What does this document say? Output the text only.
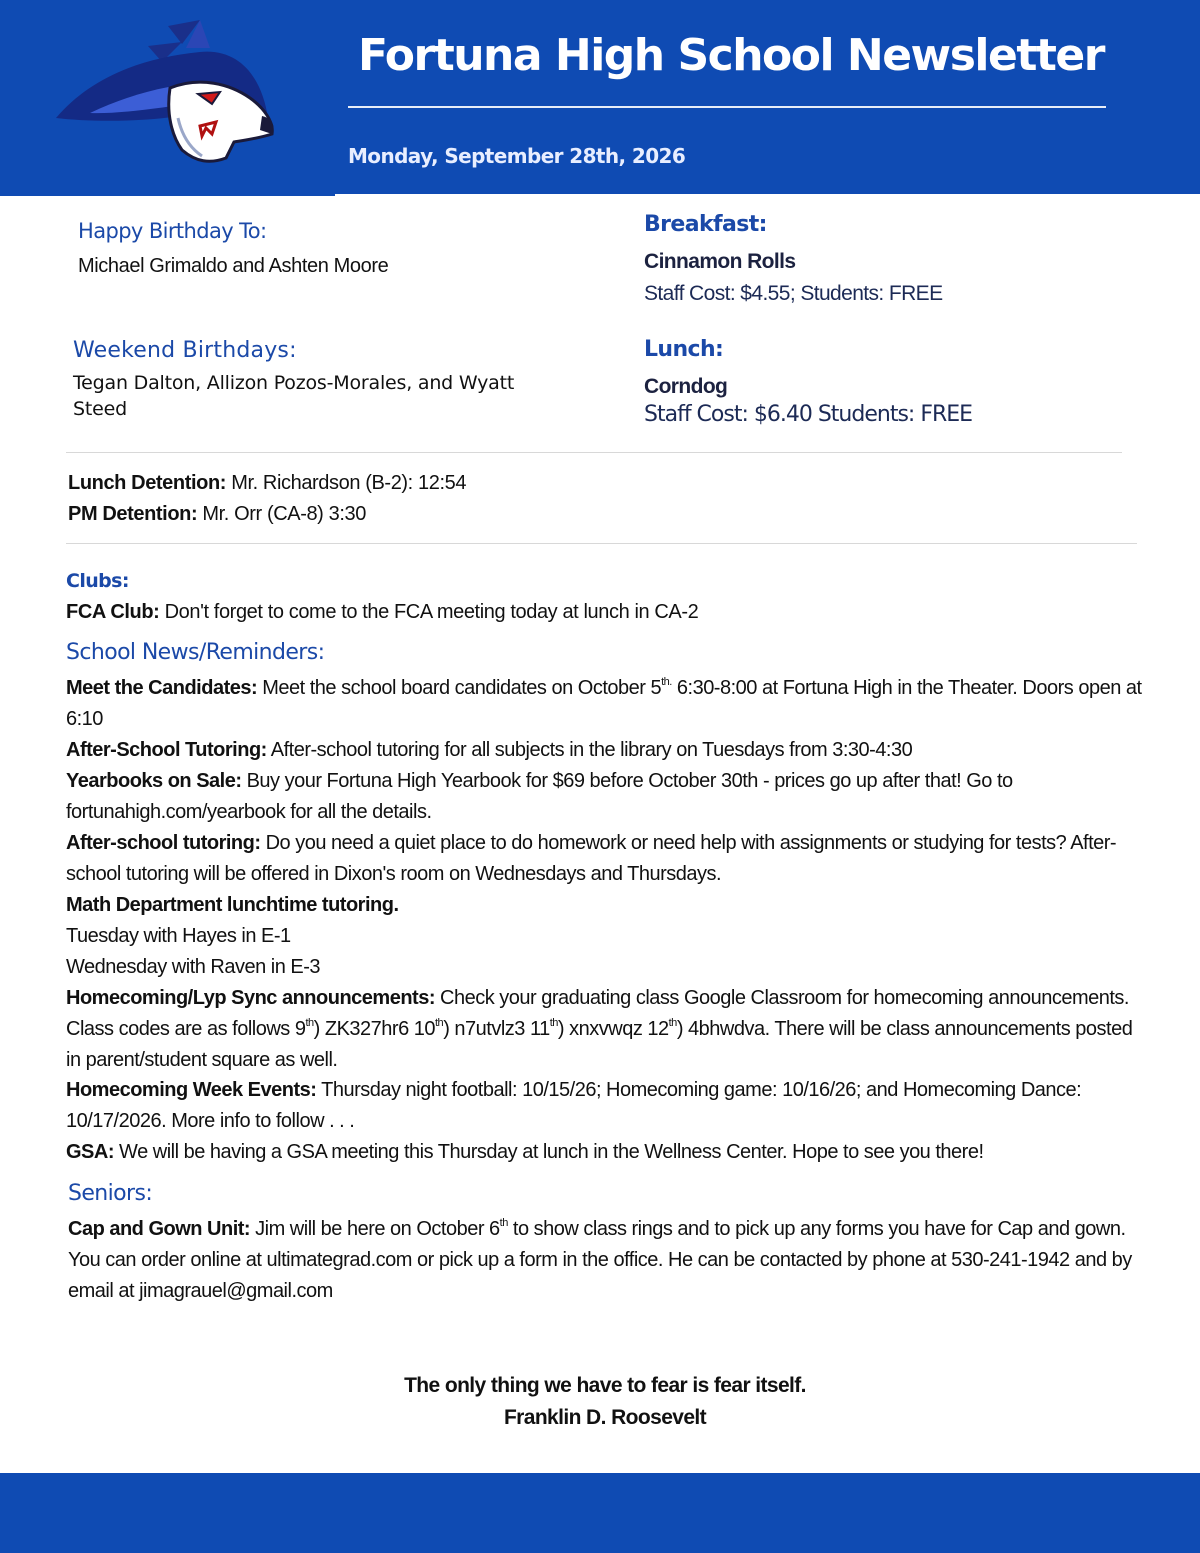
Fortuna High School Newsletter
Monday, September 28th, 2026
Happy Birthday To:
Michael Grimaldo and Ashten Moore
Weekend Birthdays:
Tegan Dalton, Allizon Pozos-Morales, and Wyatt
Steed
Breakfast:
Cinnamon Rolls
Staff Cost: $4.55; Students: FREE
Lunch:
Corndog
Staff Cost: $6.40 Students: FREE
Lunch Detention: Mr. Richardson (B-2): 12:54
PM Detention: Mr. Orr (CA-8) 3:30
Clubs:
FCA Club: Don't forget to come to the FCA meeting today at lunch in CA-2
School News/Reminders:
Meet the Candidates: Meet the school board candidates on October $5^{th.}$ 6:30-8:00 at Fortuna High in the Theater. Doors open at 6:10
After-School Tutoring: After-school tutoring for all subjects in the library on Tuesdays from 3:30-4:30
Yearbooks on Sale: Buy your Fortuna High Yearbook for $69 before October 30th - prices go up after that! Go to fortunahigh.com/yearbook for all the details.
After-school tutoring: Do you need a quiet place to do homework or need help with assignments or studying for tests? After-school tutoring will be offered in Dixon's room on Wednesdays and Thursdays.
Math Department lunchtime tutoring.
Tuesday with Hayes in E-1
Wednesday with Raven in E-3
Homecoming/Lyp Sync announcements: Check your graduating class Google Classroom for homecoming announcements. Class codes are as follows 9th) ZK327hr6 10th) n7utvlz3 11th) xnxvwqz 12th) 4bhwdva. There will be class announcements posted in parent/student square as well.
Homecoming Week Events: Thursday night football: 10/15/26; Homecoming game: 10/16/26; and Homecoming Dance: 10/17/2026. More info to follow . . .
GSA: We will be having a GSA meeting this Thursday at lunch in the Wellness Center. Hope to see you there!
Seniors:
Cap and Gown Unit: Jim will be here on October 6th to show class rings and to pick up any forms you have for Cap and gown. You can order online at ultimategrad.com or pick up a form in the office. He can be contacted by phone at 530-241-1942 and by email at jimagrauel@gmail.com
The only thing we have to fear is fear itself.
Franklin D. Roosevelt
